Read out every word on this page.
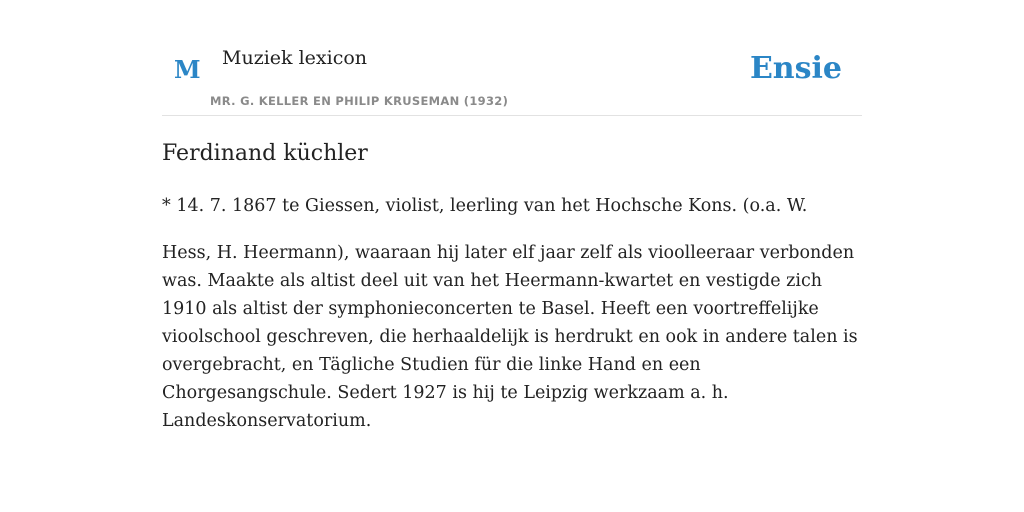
M Muziek lexicon
MR. G. KELLER EN PHILIP KRUSEMAN (1932)
Ensie
Ferdinand küchler

* 14. 7. 1867 te Giessen, violist, leerling van het Hochsche Kons. (o.a. W.

Hess, H. Heermann), waaraan hij later elf jaar zelf als vioolleeraar verbonden was. Maakte als altist deel uit van het Heermann-kwartet en vestigde zich 1910 als altist der symphonieconcerten te Basel. Heeft een voortreffelijke vioolschool geschreven, die herhaaldelijk is herdrukt en ook in andere talen is overgebracht, en Tägliche Studien für die linke Hand en een Chorgesangschule. Sedert 1927 is hij te Leipzig werkzaam a. h. Landeskonservatorium.
